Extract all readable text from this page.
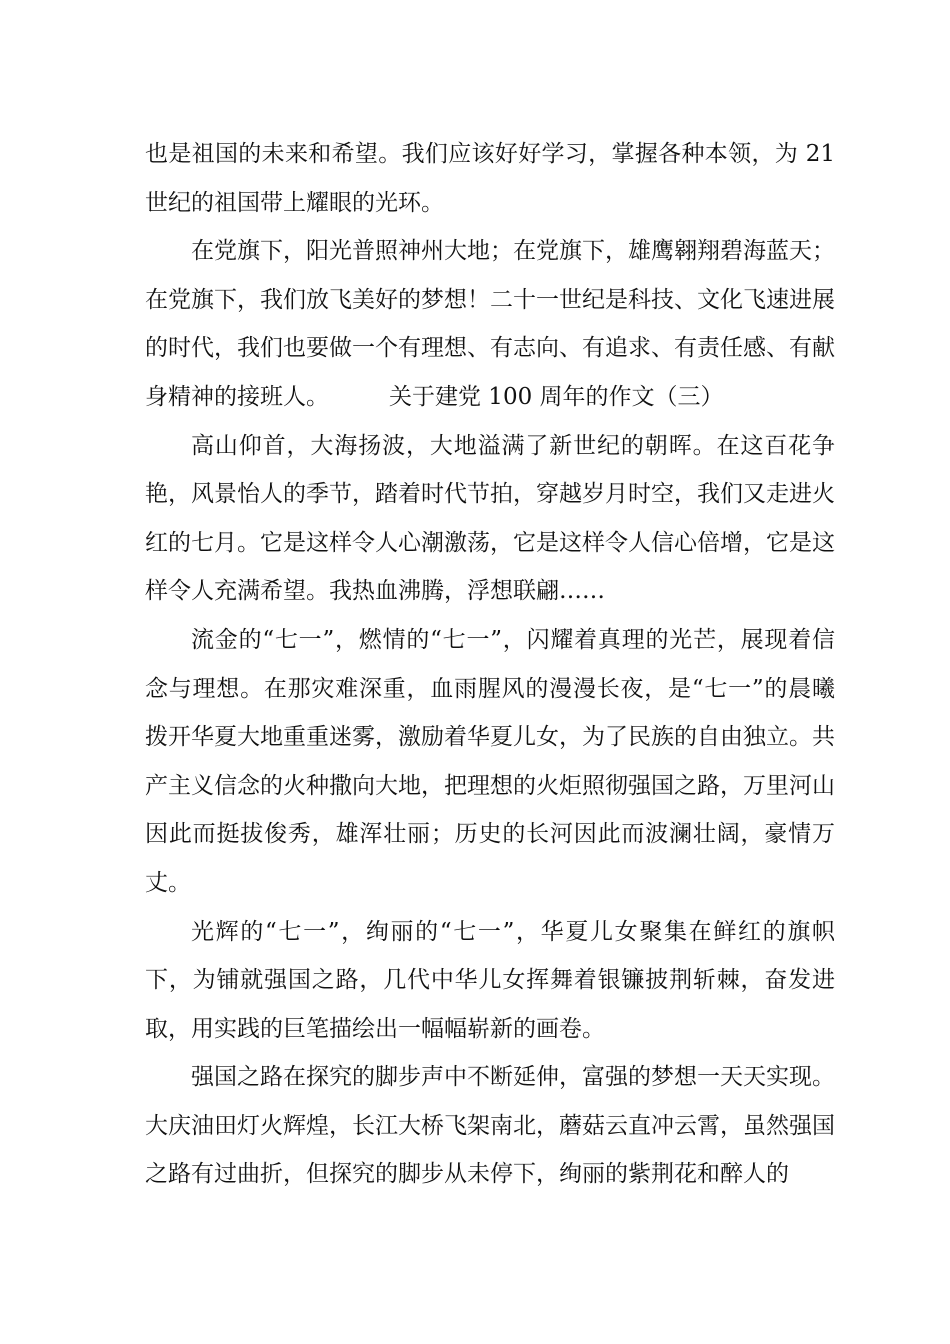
也是祖国的未来和希望。我们应该好好学习，掌握各种本领，为 21 世纪的祖国带上耀眼的光环。

在党旗下，阳光普照神州大地；在党旗下，雄鹰翱翔碧海蓝天；在党旗下，我们放飞美好的梦想！二十一世纪是科技、文化飞速进展的时代，我们也要做一个有理想、有志向、有追求、有责任感、有献身精神的接班人。	关于建党 100 周年的作文（三）

高山仰首，大海扬波，大地溢满了新世纪的朝晖。在这百花争艳，风景怡人的季节，踏着时代节拍，穿越岁月时空，我们又走进火红的七月。它是这样令人心潮激荡，它是这样令人信心倍增，它是这样令人充满希望。我热血沸腾，浮想联翩……

流金的“七一”，燃情的“七一”，闪耀着真理的光芒，展现着信念与理想。在那灾难深重，血雨腥风的漫漫长夜，是“七一”的晨曦拨开华夏大地重重迷雾，激励着华夏儿女，为了民族的自由独立。共产主义信念的火种撒向大地，把理想的火炬照彻强国之路，万里河山因此而挺拔俊秀，雄浑壮丽；历史的长河因此而波澜壮阔，豪情万丈。

光辉的“七一”，绚丽的“七一”，华夏儿女聚集在鲜红的旗帜下，为铺就强国之路，几代中华儿女挥舞着银镰披荆斩棘，奋发进取，用实践的巨笔描绘出一幅幅崭新的画卷。

强国之路在探究的脚步声中不断延伸，富强的梦想一天天实现。大庆油田灯火辉煌，长江大桥飞架南北，蘑菇云直冲云霄，虽然强国之路有过曲折，但探究的脚步从未停下，绚丽的紫荆花和醉人的
